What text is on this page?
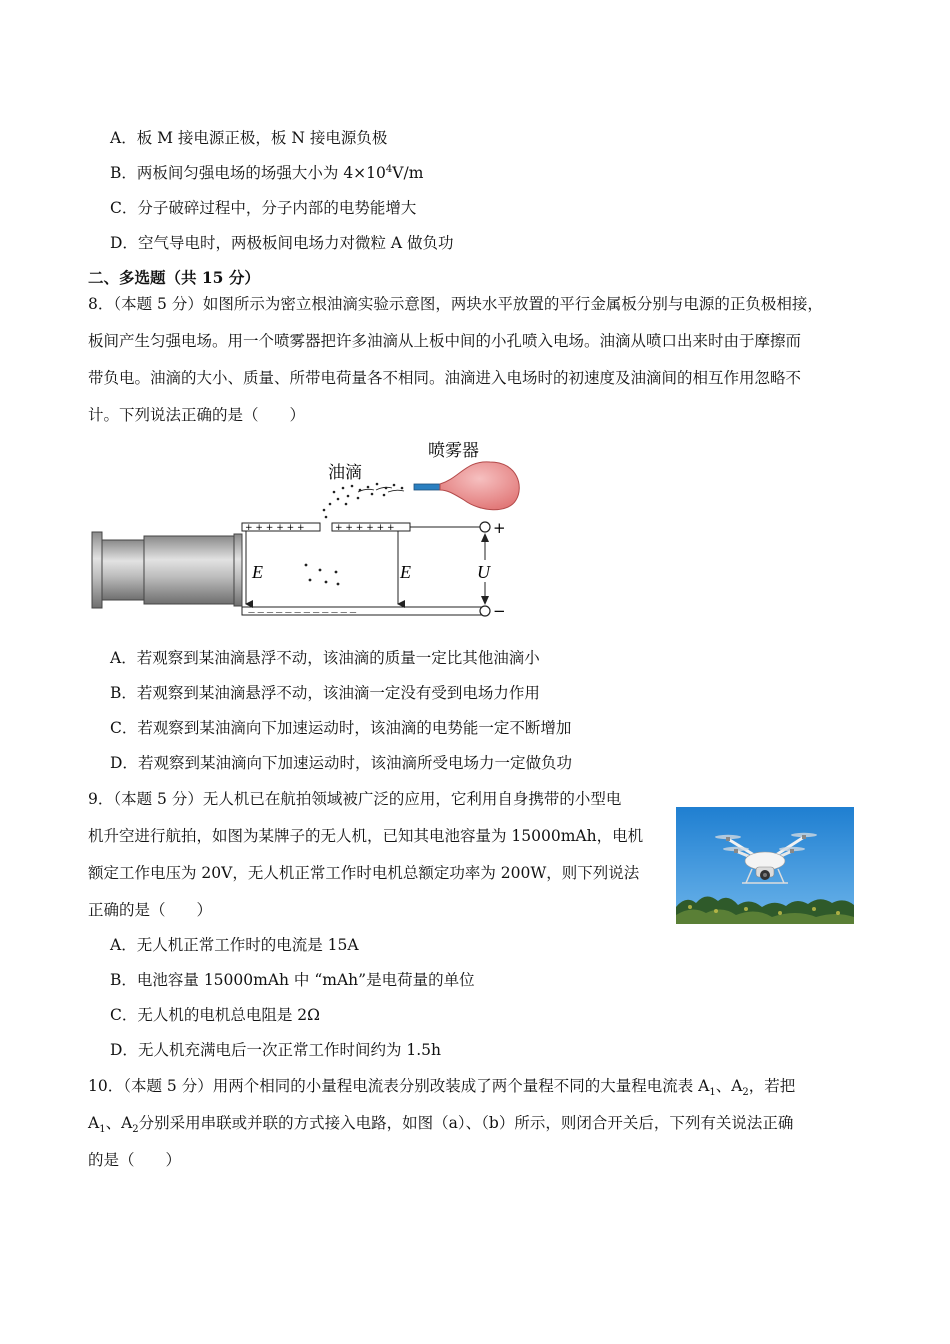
A．板 M 接电源正极，板 N 接电源负极
B．两板间匀强电场的场强大小为 $4\times 10^4V/m$
C．分子破碎过程中，分子内部的电势能增大
D．空气导电时，两极板间电场力对微粒 A 做负功
二、多选题（共 15 分）
8．（本题 5 分）如图所示为密立根油滴实验示意图，两块水平放置的平行金属板分别与电源的正负极相接，
板间产生匀强电场。用一个喷雾器把许多油滴从上板中间的小孔喷入电场。油滴从喷口出来时由于摩擦而
带负电。油滴的大小、质量、所带电荷量各不相同。油滴进入电场时的初速度及油滴间的相互作用忽略不
计。下列说法正确的是（　　）
+ + + + + +	+ + + + + +
— — — — — — — — — — — —
E	E
+
−
U
喷雾器
油滴
A．若观察到某油滴悬浮不动，该油滴的质量一定比其他油滴小
B．若观察到某油滴悬浮不动，该油滴一定没有受到电场力作用
C．若观察到某油滴向下加速运动时，该油滴的电势能一定不断增加
D．若观察到某油滴向下加速运动时，该油滴所受电场力一定做负功
9．（本题 5 分）无人机已在航拍领域被广泛的应用，它利用自身携带的小型电
机升空进行航拍，如图为某牌子的无人机，已知其电池容量为 15000mAh，电机
额定工作电压为 20V，无人机正常工作时电机总额定功率为 200W，则下列说法
正确的是（　　）
A．无人机正常工作时的电流是 15A
B．电池容量 15000mAh 中 “mAh”是电荷量的单位
C．无人机的电机总电阻是 2Ω
D．无人机充满电后一次正常工作时间约为 1.5h
10．（本题 5 分）用两个相同的小量程电流表分别改装成了两个量程不同的大量程电流表 $A_1$、$A_2$，若把
$A_1$、$A_2$分别采用串联或并联的方式接入电路，如图（a）、（b）所示，则闭合开关后，下列有关说法正确
的是（　　）
